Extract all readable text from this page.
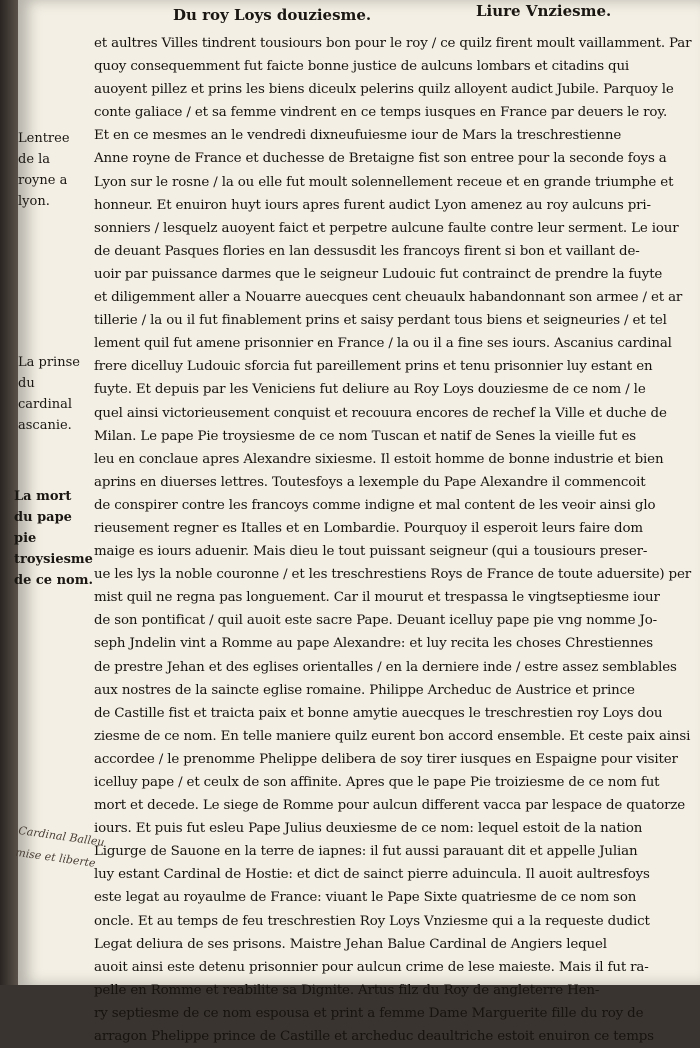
Du roy Loys douziesme.	Liure Vnziesme.
Lentree de la royne a lyon.
La prinse du cardinal ascanie.
La mort du pape pie troysiesme de ce nom.
Cardinal Balleu mise et liberte
et aultres Villes tindrent tousiours bon pour le roy / ce quilz firent moult vaillamment. Par
quoy consequemment fut faicte bonne justice de aulcuns lombars et citadins qui
auoyent pillez et prins les biens diceulx pelerins quilz alloyent audict Jubile. Parquoy le
conte galiace / et sa femme vindrent en ce temps iusques en France par deuers le roy.
Et en ce mesmes an le vendredi dixneufuiesme iour de Mars la treschrestienne
Anne royne de France et duchesse de Bretaigne fist son entree pour la seconde foys a
Lyon sur le rosne / la ou elle fut moult solennellement receue et en grande triumphe et
honneur. Et enuiron huyt iours apres furent audict Lyon amenez au roy aulcuns pri-
sonniers / lesquelz auoyent faict et perpetre aulcune faulte contre leur serment. Le iour
de deuant Pasques flories en lan dessusdit les francoys firent si bon et vaillant de-
uoir par puissance darmes que le seigneur Ludouic fut contrainct de prendre la fuyte
et diligemment aller a Nouarre auecques cent cheuaulx habandonnant son armee / et ar
tillerie / la ou il fut finablement prins et saisy perdant tous biens et seigneuries / et tel
lement quil fut amene prisonnier en France / la ou il a fine ses iours. Ascanius cardinal
frere dicelluy Ludouic sforcia fut pareillement prins et tenu prisonnier luy estant en
fuyte. Et depuis par les Veniciens fut deliure au Roy Loys douziesme de ce nom / le
quel ainsi victorieusement conquist et recouura encores de rechef la Ville et duche de
Milan. Le pape Pie troysiesme de ce nom Tuscan et natif de Senes la vieille fut es
leu en conclaue apres Alexandre sixiesme. Il estoit homme de bonne industrie et bien
aprins en diuerses lettres. Toutesfoys a lexemple du Pape Alexandre il commencoit
de conspirer contre les francoys comme indigne et mal content de les veoir ainsi glo
rieusement regner es Italles et en Lombardie. Pourquoy il esperoit leurs faire dom
maige es iours aduenir. Mais dieu le tout puissant seigneur (qui a tousiours preser-
ue les lys la noble couronne / et les treschrestiens Roys de France de toute aduersite) per
mist quil ne regna pas longuement. Car il mourut et trespassa le vingtseptiesme iour
de son pontificat / quil auoit este sacre Pape. Deuant icelluy pape pie vng nomme Jo-
seph Jndelin vint a Romme au pape Alexandre: et luy recita les choses Chrestiennes
de prestre Jehan et des eglises orientalles / en la derniere inde / estre assez semblables
aux nostres de la saincte eglise romaine. Philippe Archeduc de Austrice et prince
de Castille fist et traicta paix et bonne amytie auecques le treschrestien roy Loys dou
ziesme de ce nom. En telle maniere quilz eurent bon accord ensemble. Et ceste paix ainsi
accordee / le prenomme Phelippe delibera de soy tirer iusques en Espaigne pour visiter
icelluy pape / et ceulx de son affinite. Apres que le pape Pie troiziesme de ce nom fut
mort et decede. Le siege de Romme pour aulcun different vacca par lespace de quatorze
iours. Et puis fut esleu Pape Julius deuxiesme de ce nom: lequel estoit de la nation
Ligurge de Sauone en la terre de iapnes: il fut aussi parauant dit et appelle Julian
luy estant Cardinal de Hostie: et dict de sainct pierre aduincula. Il auoit aultresfoys
este legat au royaulme de France: viuant le Pape Sixte quatriesme de ce nom son
oncle. Et au temps de feu treschrestien Roy Loys Vnziesme qui a la requeste dudict
Legat deliura de ses prisons. Maistre Jehan Balue Cardinal de Angiers lequel
auoit ainsi este detenu prisonnier pour aulcun crime de lese maieste. Mais il fut ra-
pelle en Romme et reabilite sa Dignite. Artus filz du Roy de angleterre Hen-
ry septiesme de ce nom espousa et print a femme Dame Marguerite fille du roy de
arragon Phelippe prince de Castille et archeduc deaultriche estoit enuiron ce temps
